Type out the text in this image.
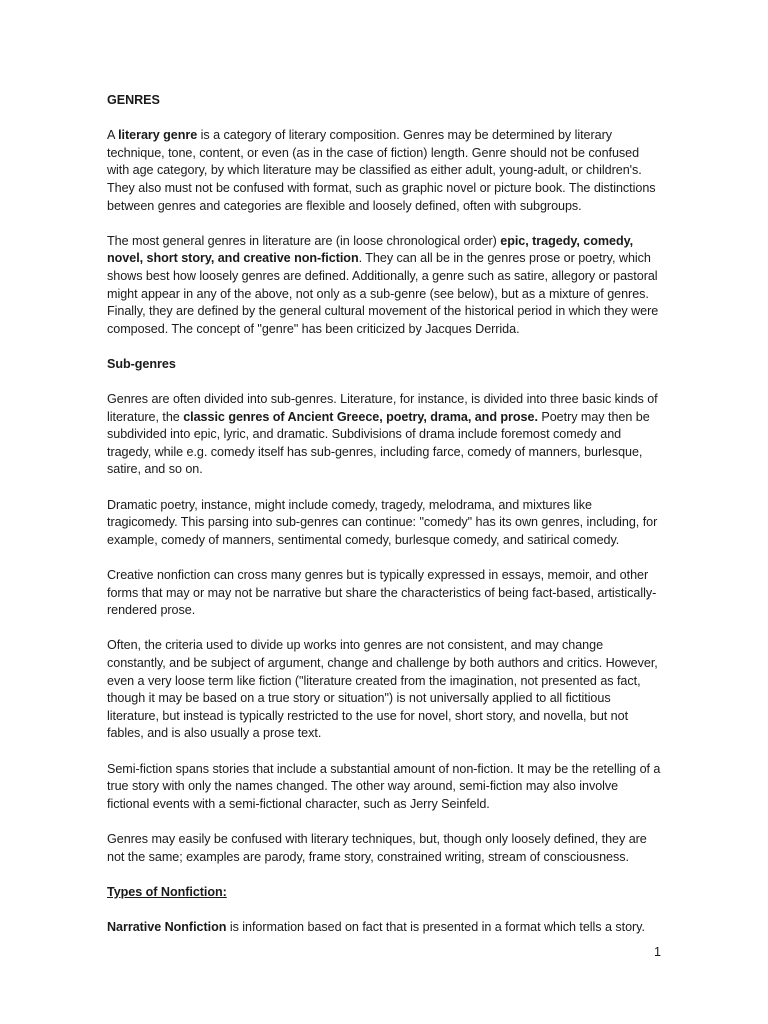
GENRES

A literary genre is a category of literary composition. Genres may be determined by literary technique, tone, content, or even (as in the case of fiction) length. Genre should not be confused with age category, by which literature may be classified as either adult, young-adult, or children's. They also must not be confused with format, such as graphic novel or picture book. The distinctions between genres and categories are flexible and loosely defined, often with subgroups.

The most general genres in literature are (in loose chronological order) epic, tragedy, comedy, novel, short story, and creative non-fiction. They can all be in the genres prose or poetry, which shows best how loosely genres are defined. Additionally, a genre such as satire, allegory or pastoral might appear in any of the above, not only as a sub-genre (see below), but as a mixture of genres. Finally, they are defined by the general cultural movement of the historical period in which they were composed. The concept of "genre" has been criticized by Jacques Derrida.

Sub-genres

Genres are often divided into sub-genres. Literature, for instance, is divided into three basic kinds of literature, the classic genres of Ancient Greece, poetry, drama, and prose. Poetry may then be subdivided into epic, lyric, and dramatic. Subdivisions of drama include foremost comedy and tragedy, while e.g. comedy itself has sub-genres, including farce, comedy of manners, burlesque, satire, and so on.

Dramatic poetry, instance, might include comedy, tragedy, melodrama, and mixtures like tragicomedy. This parsing into sub-genres can continue: "comedy" has its own genres, including, for example, comedy of manners, sentimental comedy, burlesque comedy, and satirical comedy.

Creative nonfiction can cross many genres but is typically expressed in essays, memoir, and other forms that may or may not be narrative but share the characteristics of being fact-based, artistically-rendered prose.

Often, the criteria used to divide up works into genres are not consistent, and may change constantly, and be subject of argument, change and challenge by both authors and critics. However, even a very loose term like fiction ("literature created from the imagination, not presented as fact, though it may be based on a true story or situation") is not universally applied to all fictitious literature, but instead is typically restricted to the use for novel, short story, and novella, but not fables, and is also usually a prose text.

Semi-fiction spans stories that include a substantial amount of non-fiction. It may be the retelling of a true story with only the names changed. The other way around, semi-fiction may also involve fictional events with a semi-fictional character, such as Jerry Seinfeld.

Genres may easily be confused with literary techniques, but, though only loosely defined, they are not the same; examples are parody, frame story, constrained writing, stream of consciousness.

Types of Nonfiction:

Narrative Nonfiction is information based on fact that is presented in a format which tells a story.

1
